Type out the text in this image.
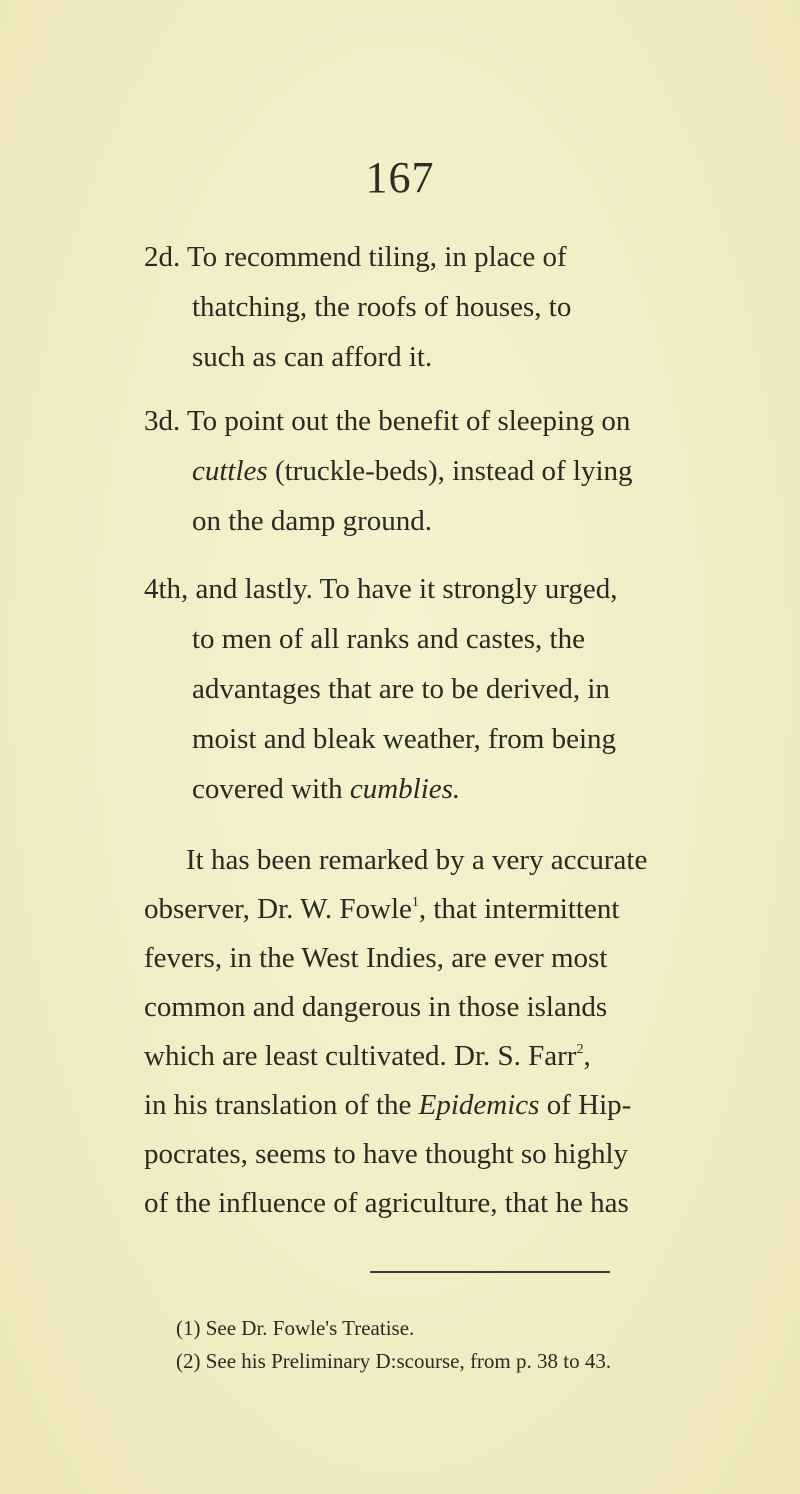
167
2d. To recommend tiling, in place of
thatching, the roofs of houses, to
such as can afford it.
3d. To point out the benefit of sleeping on
cuttles (truckle-beds), instead of lying
on the damp ground.
4th, and lastly. To have it strongly urged,
to men of all ranks and castes, the
advantages that are to be derived, in
moist and bleak weather, from being
covered with cumblies.
It has been remarked by a very accurate
observer, Dr. W. Fowle$^1$, that intermittent
fevers, in the West Indies, are ever most
common and dangerous in those islands
which are least cultivated. Dr. S. Farr$^2$,
in his translation of the Epidemics of Hip-
pocrates, seems to have thought so highly
of the influence of agriculture, that he has
(1) See Dr. Fowle's Treatise.
(2) See his Preliminary D:scourse, from p. 38 to 43.
